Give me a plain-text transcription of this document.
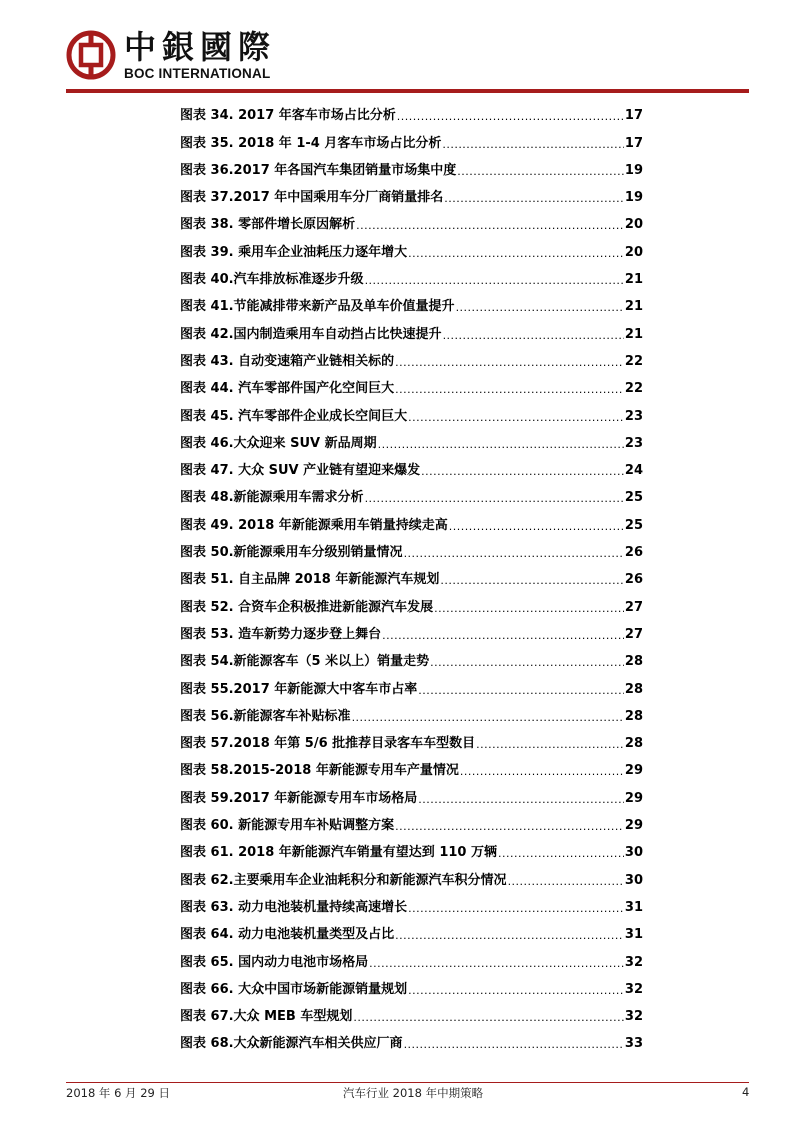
中銀國際
BOC INTERNATIONAL
图表 34. 2017 年客车市场占比分析 .....	17
图表 35. 2018 年 1-4 月客车市场占比分析 .....	17
图表 36.2017 年各国汽车集团销量市场集中度 .....	19
图表 37.2017 年中国乘用车分厂商销量排名 .....	19
图表 38. 零部件增长原因解析 .....	20
图表 39. 乘用车企业油耗压力逐年增大 .....	20
图表 40.汽车排放标准逐步升级 .....	21
图表 41.节能减排带来新产品及单车价值量提升 .....	21
图表 42.国内制造乘用车自动挡占比快速提升 .....	21
图表 43. 自动变速箱产业链相关标的 .....	22
图表 44. 汽车零部件国产化空间巨大 .....	22
图表 45. 汽车零部件企业成长空间巨大 .....	23
图表 46.大众迎来 SUV 新品周期 .....	23
图表 47. 大众 SUV 产业链有望迎来爆发 .....	24
图表 48.新能源乘用车需求分析 .....	25
图表 49. 2018 年新能源乘用车销量持续走高 .....	25
图表 50.新能源乘用车分级别销量情况 .....	26
图表 51. 自主品牌 2018 年新能源汽车规划 .....	26
图表 52. 合资车企积极推进新能源汽车发展 .....	27
图表 53. 造车新势力逐步登上舞台 .....	27
图表 54.新能源客车（5 米以上）销量走势 .....	28
图表 55.2017 年新能源大中客车市占率 .....	28
图表 56.新能源客车补贴标准 .....	28
图表 57.2018 年第 5/6 批推荐目录客车车型数目 .....	28
图表 58.2015-2018 年新能源专用车产量情况 .....	29
图表 59.2017 年新能源专用车市场格局 .....	29
图表 60. 新能源专用车补贴调整方案 .....	29
图表 61. 2018 年新能源汽车销量有望达到 110 万辆 .....	30
图表 62.主要乘用车企业油耗积分和新能源汽车积分情况 .....	30
图表 63. 动力电池装机量持续高速增长 .....	31
图表 64. 动力电池装机量类型及占比 .....	31
图表 65. 国内动力电池市场格局 .....	32
图表 66. 大众中国市场新能源销量规划 .....	32
图表 67.大众 MEB 车型规划 .....	32
图表 68.大众新能源汽车相关供应厂商 .....	33
2018 年 6 月 29 日	汽车行业 2018 年中期策略	4
